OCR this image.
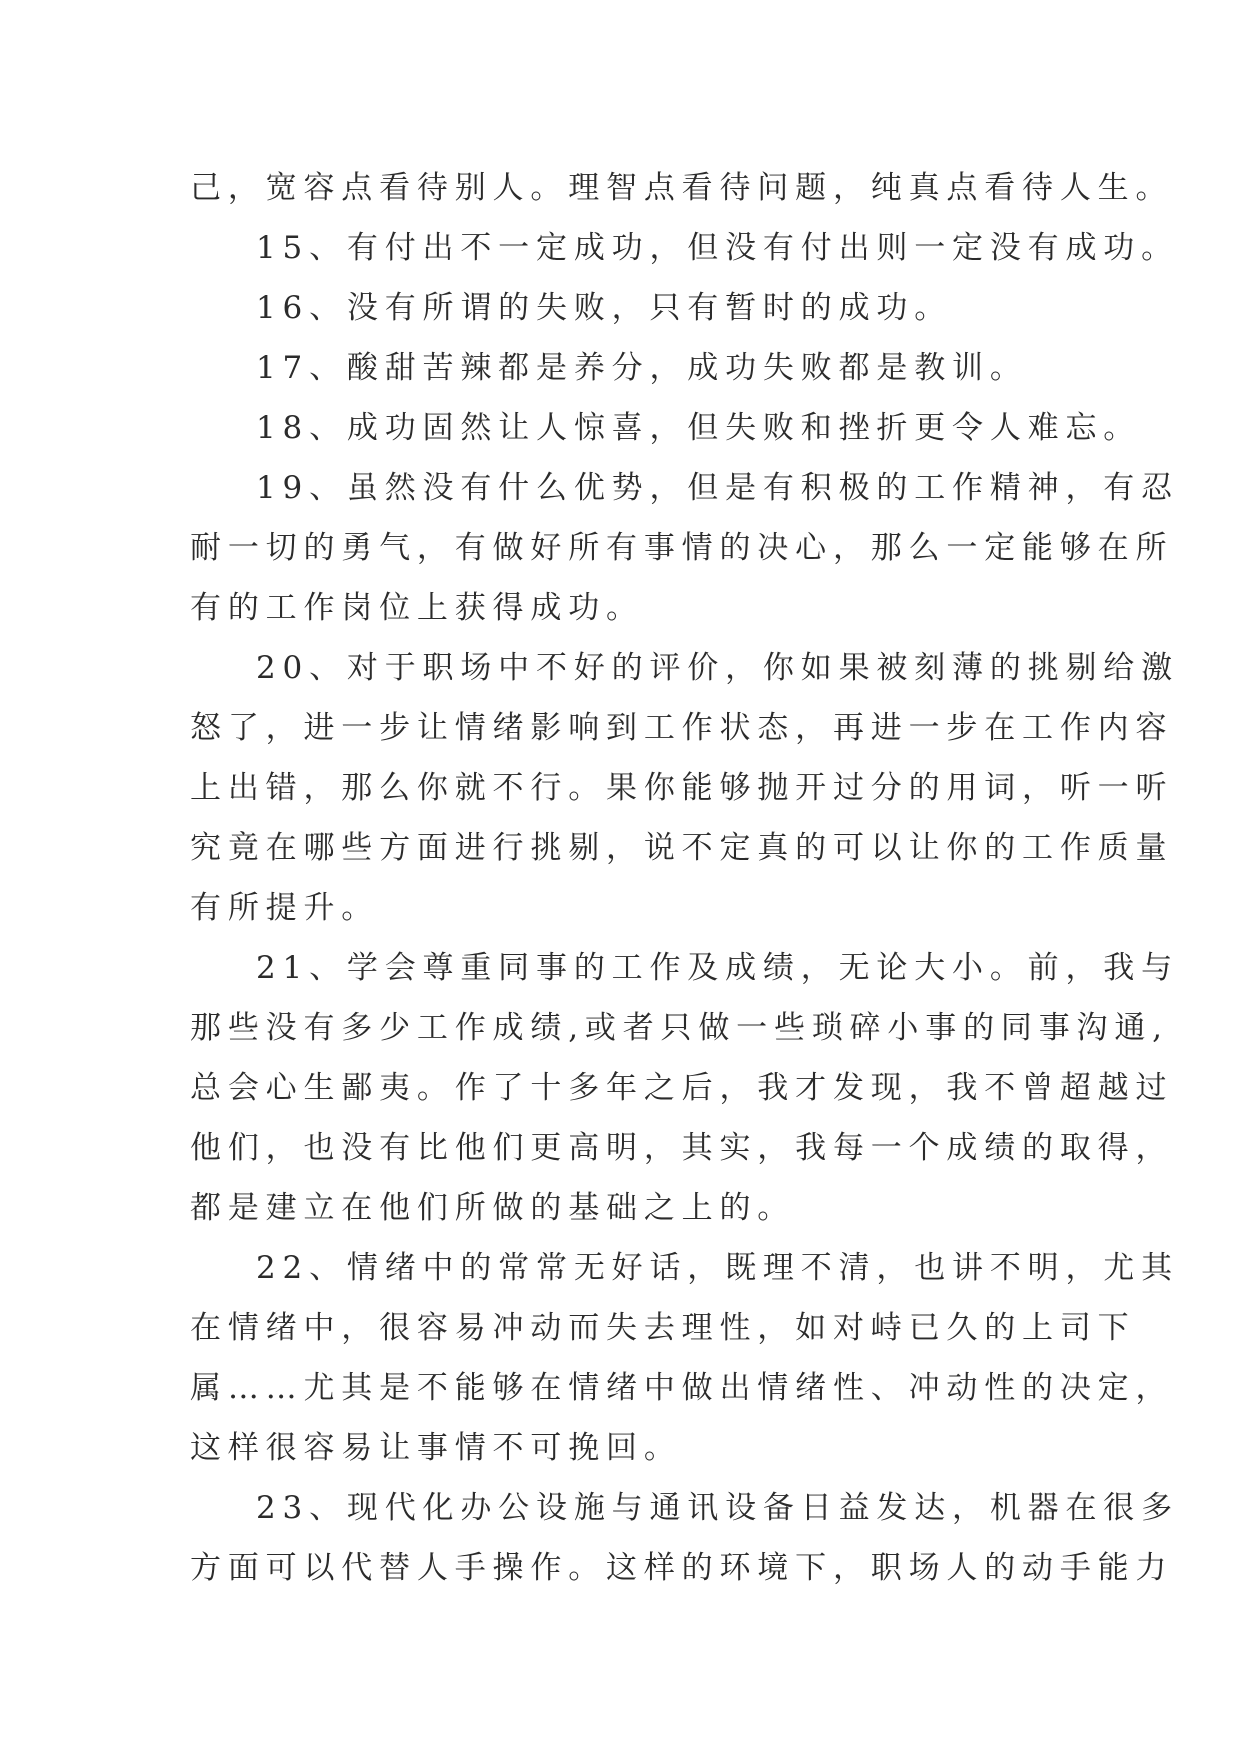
己，宽容点看待别人。理智点看待问题，纯真点看待人生。
15、有付出不一定成功，但没有付出则一定没有成功。
16、没有所谓的失败，只有暂时的成功。
17、酸甜苦辣都是养分，成功失败都是教训。
18、成功固然让人惊喜，但失败和挫折更令人难忘。
19、虽然没有什么优势，但是有积极的工作精神，有忍
耐一切的勇气，有做好所有事情的决心，那么一定能够在所
有的工作岗位上获得成功。
20、对于职场中不好的评价，你如果被刻薄的挑剔给激
怒了，进一步让情绪影响到工作状态，再进一步在工作内容
上出错，那么你就不行。果你能够抛开过分的用词，听一听
究竟在哪些方面进行挑剔，说不定真的可以让你的工作质量
有所提升。
21、学会尊重同事的工作及成绩，无论大小。前，我与
那些没有多少工作成绩,或者只做一些琐碎小事的同事沟通,
总会心生鄙夷。作了十多年之后，我才发现，我不曾超越过
他们，也没有比他们更高明，其实，我每一个成绩的取得，
都是建立在他们所做的基础之上的。
22、情绪中的常常无好话，既理不清，也讲不明，尤其
在情绪中，很容易冲动而失去理性，如对峙已久的上司下
属……尤其是不能够在情绪中做出情绪性、冲动性的决定，
这样很容易让事情不可挽回。
23、现代化办公设施与通讯设备日益发达，机器在很多
方面可以代替人手操作。这样的环境下，职场人的动手能力
